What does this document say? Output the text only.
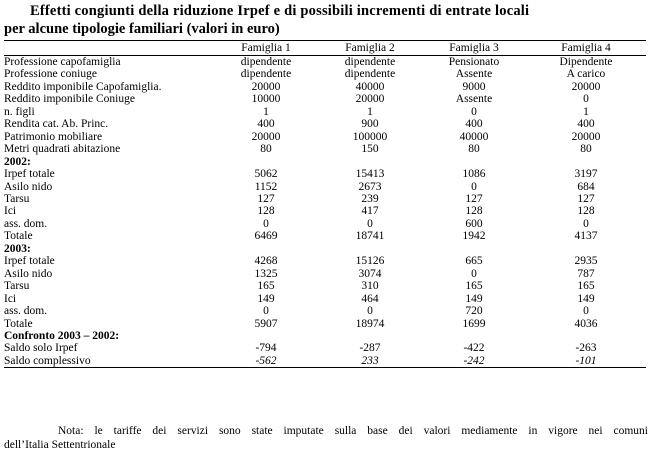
Effetti congiunti della riduzione Irpef e di possibili incrementi di entrate locali
per alcune tipologie familiari (valori in euro)
	Famiglia 1	Famiglia 2	Famiglia 3	Famiglia 4
Professione capofamiglia	dipendente	dipendente	Pensionato	Dipendente
Professione coniuge	dipendente	dipendente	Assente	A carico
Reddito imponibile Capofamiglia.	20000	40000	9000	20000
Reddito imponibile Coniuge	10000	20000	Assente	0
n. figli	1	1	0	1
Rendita cat. Ab. Princ.	400	900	400	400
Patrimonio mobiliare	20000	100000	40000	20000
Metri quadrati abitazione	80	150	80	80
2002:				
Irpef totale	5062	15413	1086	3197
Asilo nido	1152	2673	0	684
Tarsu	127	239	127	127
Ici	128	417	128	128
ass. dom.	0	0	600	0
Totale	6469	18741	1942	4137
2003:				
Irpef totale	4268	15126	665	2935
Asilo nido	1325	3074	0	787
Tarsu	165	310	165	165
Ici	149	464	149	149
ass. dom.	0	0	720	0
Totale	5907	18974	1699	4036
Confronto 2003 – 2002:				
Saldo solo Irpef	-794	-287	-422	-263
Saldo complessivo	-562	233	-242	-101
Nota: le tariffe dei servizi sono state imputate sulla base dei valori mediamente in vigore nei comuni
dell’Italia Settentrionale
